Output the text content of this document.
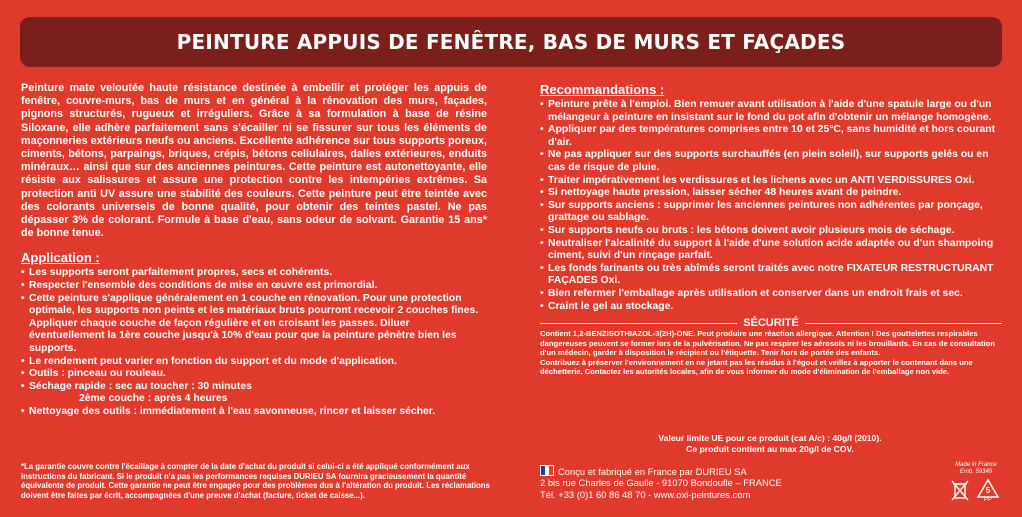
PEINTURE APPUIS DE FENÊTRE, BAS DE MURS ET FAÇADES

Peinture mate veloutée haute résistance destinée à embellir et protéger les appuis de fenêtre, couvre-murs, bas de murs et en général à la rénovation des murs, façades, pignons structurés, rugueux et irréguliers. Grâce à sa formulation à base de résine Siloxane, elle adhère parfaitement sans s'écailler ni se fissurer sur tous les éléments de maçonneries extérieurs neufs ou anciens. Excellente adhérence sur tous supports poreux, ciments, bétons, parpaings, briques, crépis, bétons cellulaires, dalles extérieures, enduits minéraux… ainsi que sur des anciennes peintures. Cette peinture est autonettoyante, elle résiste aux salissures et assure une protection contre les intempéries extrêmes. Sa protection anti UV assure une stabilité des couleurs. Cette peinture peut être teintée avec des colorants universels de bonne qualité, pour obtenir des teintes pastel. Ne pas dépasser 3% de colorant. Formule à base d'eau, sans odeur de solvant. Garantie 15 ans* de bonne tenue.

Application :
• Les supports seront parfaitement propres, secs et cohérents.
• Respecter l'ensemble des conditions de mise en œuvre est primordial.
• Cette peinture s'applique généralement en 1 couche en rénovation. Pour une protection optimale, les supports non peints et les matériaux bruts pourront recevoir 2 couches fines. Appliquer chaque couche de façon régulière et en croisant les passes. Diluer éventuellement la 1ère couche jusqu'à 10% d'eau pour que la peinture pénètre bien les supports.
• Le rendement peut varier en fonction du support et du mode d'application.
• Outils : pinceau ou rouleau.
• Séchage rapide : sec au toucher : 30 minutes
2ème couche : après 4 heures
• Nettoyage des outils : immédiatement à l'eau savonneuse, rincer et laisser sécher.
Recommandations :
• Peinture prête à l'emploi. Bien remuer avant utilisation à l'aide d'une spatule large ou d'un mélangeur à peinture en insistant sur le fond du pot afin d'obtenir un mélange homogène.
• Appliquer par des températures comprises entre 10 et 25°C, sans humidité et hors courant d'air.
• Ne pas appliquer sur des supports surchauffés (en plein soleil), sur supports gelés ou en cas de risque de pluie.
• Traiter impérativement les verdissures et les lichens avec un ANTI VERDISSURES Oxi.
• Si nettoyage haute pression, laisser sécher 48 heures avant de peindre.
• Sur supports anciens : supprimer les anciennes peintures non adhérentes par ponçage, grattage ou sablage.
• Sur supports neufs ou bruts : les bétons doivent avoir plusieurs mois de séchage.
• Neutraliser l'alcalinité du support à l'aide d'une solution acide adaptée ou d'un shampoing ciment, suivi d'un rinçage parfait.
• Les fonds farinants ou très abîmés seront traités avec notre FIXATEUR RESTRUCTURANT FAÇADES Oxi.
• Bien refermer l'emballage après utilisation et conserver dans un endroit frais et sec.
• Craint le gel au stockage.
SÉCURITÉ

Contient 1,2-BENZISOTHIAZOL-3(2H)-ONE. Peut produire une réaction allergique. Attention ! Des gouttelettes respirables dangereuses peuvent se former lors de la pulvérisation. Ne pas respirer les aérosols ni les brouillards. En cas de consultation d'un médecin, garder à disposition le récipient ou l'étiquette. Tenir hors de portée des enfants.

Contribuez à préserver l'environnement en ne jetant pas les résidus à l'égout et veillez à apporter le contenant dans une déchetterie. Contactez les autorités locales, afin de vous informer du mode d'élimination de l'emballage non vide.

Valeur limite UE pour ce produit (cat A/c) : 40g/l (2010).
Ce produit contient au max 20g/l de COV.
*La garantie couvre contre l'écaillage à compter de la date d'achat du produit si celui-ci a été appliqué conformément aux instructions du fabricant. Si le produit n'a pas les performances requises DURIEU SA fournira gracieusement la quantité équivalente de produit. Cette garantie ne peut être engagée pour des problèmes dus à l'altération du produit. Les réclamations doivent être faites par écrit, accompagnées d'une preuve d'achat (facture, ticket de caisse...).
Conçu et fabriqué en France par DURIEU SA
2 bis rue Charles de Gaulle - 91070 Bondoufle – FRANCE
Tél. +33 (0)1 60 86 48 70 - www.oxi-peintures.com
Made in France
Emb. 59349
5
PP
